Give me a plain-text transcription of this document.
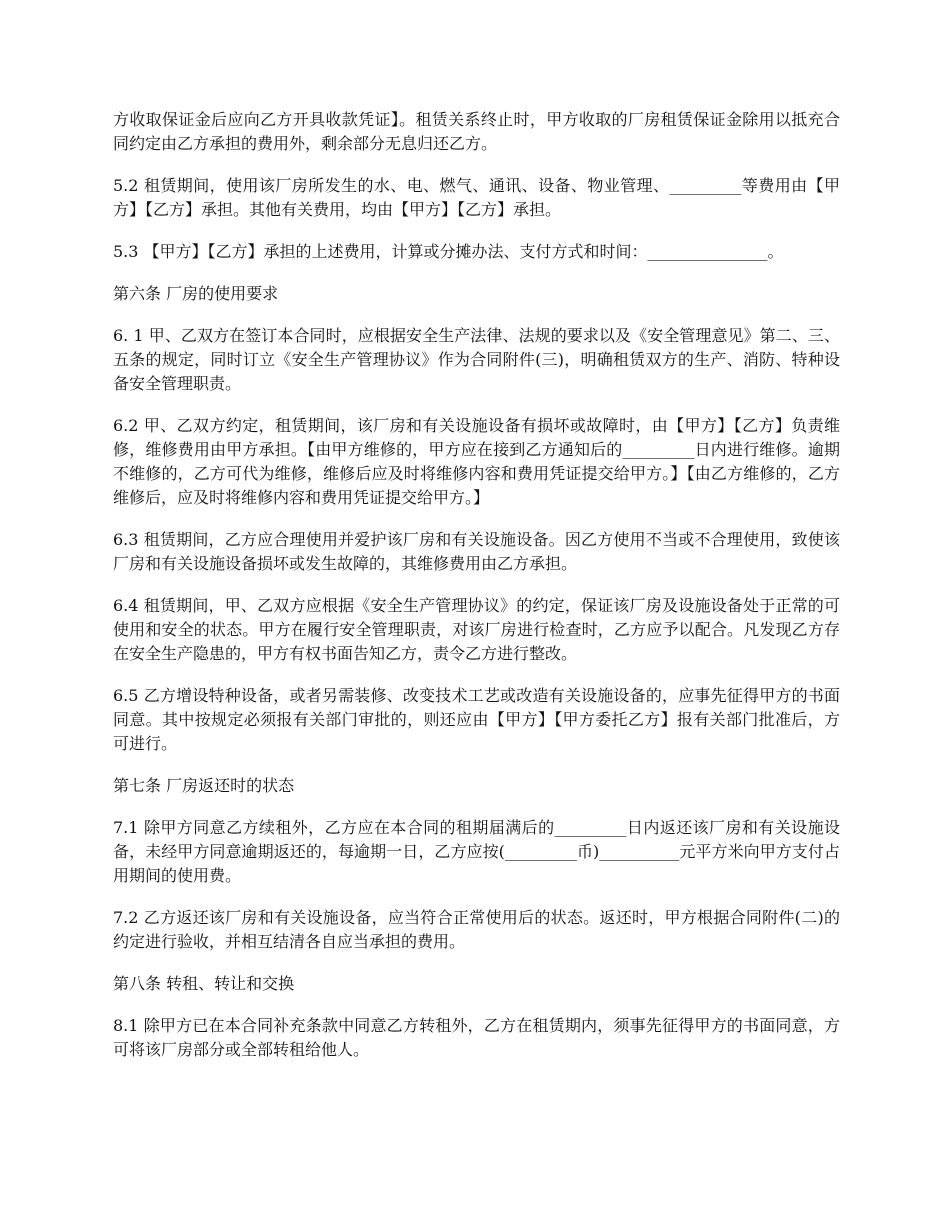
方收取保证金后应向乙方开具收款凭证】。租赁关系终止时，甲方收取的厂房租赁保证金除用以抵充合同约定由乙方承担的费用外，剩余部分无息归还乙方。

5.2 租赁期间，使用该厂房所发生的水、电、燃气、通讯、设备、物业管理、_________等费用由【甲方】【乙方】承担。其他有关费用，均由【甲方】【乙方】承担。

5.3 【甲方】【乙方】承担的上述费用，计算或分摊办法、支付方式和时间：_______________。

第六条 厂房的使用要求

6. 1 甲、乙双方在签订本合同时，应根据安全生产法律、法规的要求以及《安全管理意见》第二、三、五条的规定，同时订立《安全生产管理协议》作为合同附件(三)，明确租赁双方的生产、消防、特种设备安全管理职责。

6.2 甲、乙双方约定，租赁期间，该厂房和有关设施设备有损坏或故障时，由【甲方】【乙方】负责维修，维修费用由甲方承担。【由甲方维修的，甲方应在接到乙方通知后的_________日内进行维修。逾期不维修的，乙方可代为维修，维修后应及时将维修内容和费用凭证提交给甲方。】【由乙方维修的，乙方维修后，应及时将维修内容和费用凭证提交给甲方。】

6.3 租赁期间，乙方应合理使用并爱护该厂房和有关设施设备。因乙方使用不当或不合理使用，致使该厂房和有关设施设备损坏或发生故障的，其维修费用由乙方承担。

6.4 租赁期间，甲、乙双方应根据《安全生产管理协议》的约定，保证该厂房及设施设备处于正常的可使用和安全的状态。甲方在履行安全管理职责，对该厂房进行检查时，乙方应予以配合。凡发现乙方存在安全生产隐患的，甲方有权书面告知乙方，责令乙方进行整改。

6.5 乙方增设特种设备，或者另需装修、改变技术工艺或改造有关设施设备的，应事先征得甲方的书面同意。其中按规定必须报有关部门审批的，则还应由【甲方】【甲方委托乙方】报有关部门批准后，方可进行。

第七条 厂房返还时的状态

7.1 除甲方同意乙方续租外，乙方应在本合同的租期届满后的_________日内返还该厂房和有关设施设备，未经甲方同意逾期返还的，每逾期一日，乙方应按(_________币)__________元平方米向甲方支付占用期间的使用费。

7.2 乙方返还该厂房和有关设施设备，应当符合正常使用后的状态。返还时，甲方根据合同附件(二)的约定进行验收，并相互结清各自应当承担的费用。

第八条 转租、转让和交换

8.1 除甲方已在本合同补充条款中同意乙方转租外，乙方在租赁期内，须事先征得甲方的书面同意，方可将该厂房部分或全部转租给他人。
